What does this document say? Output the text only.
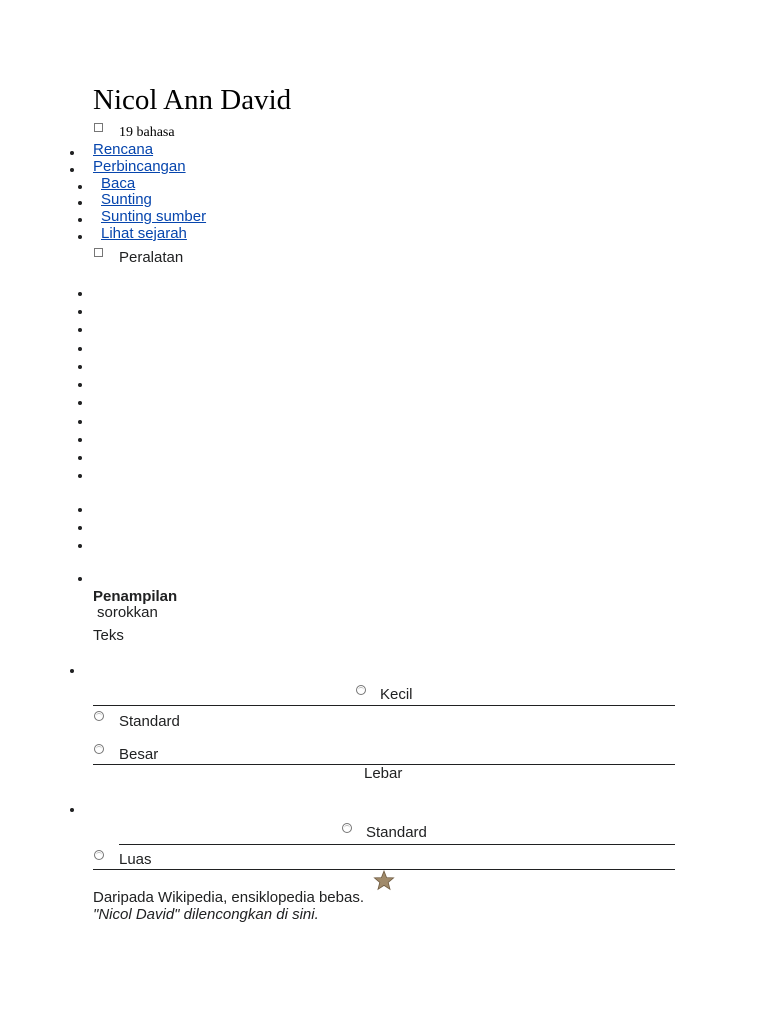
Nicol Ann David
19 bahasa
Rencana
Perbincangan
Baca
Sunting
Sunting sumber
Lihat sejarah
Peralatan
Penampilan
sorokkan
Teks
Kecil
Standard
Besar
Lebar
Standard
Luas
Daripada Wikipedia, ensiklopedia bebas.
"Nicol David" dilencongkan di sini.
